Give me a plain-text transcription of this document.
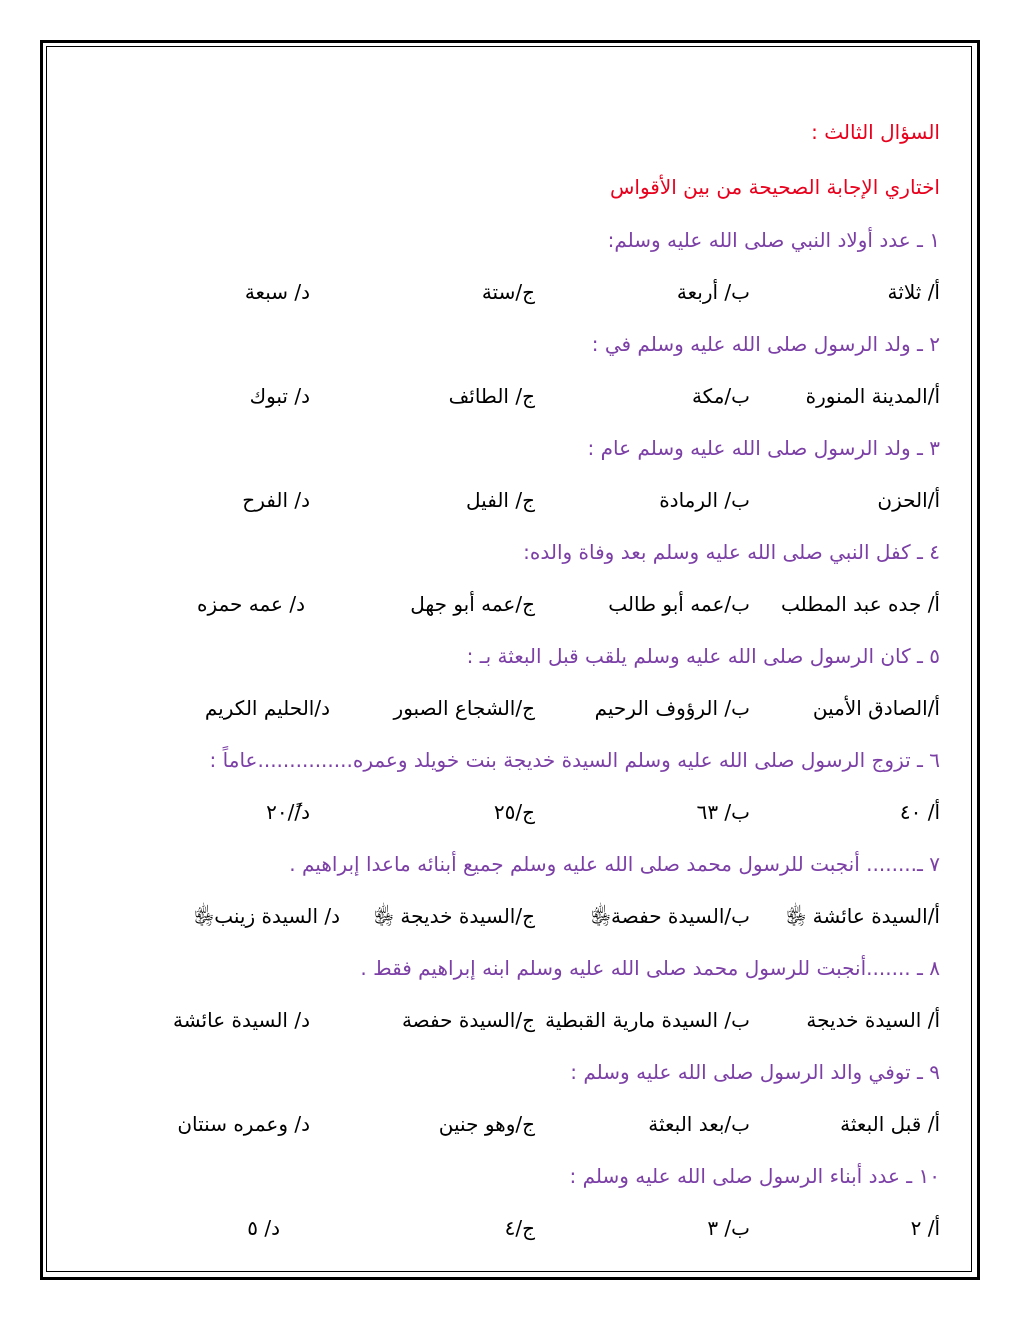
السؤال الثالث :
اختاري الإجابة الصحيحة من بين الأقواس
١ ـ عدد أولاد النبي صلى الله عليه وسلم:
أ/ ثلاثة
ب/ أربعة
ج/ستة
د/ سبعة
٢ ـ ولد الرسول صلى الله عليه وسلم في :
أ/المدينة المنورة
ب/مكة
ج/ الطائف
د/ تبوك
٣ ـ ولد الرسول صلى الله عليه وسلم عام :
أ/الحزن
ب/ الرمادة
ج/ الفيل
د/ الفرح
٤ ـ كفل النبي صلى الله عليه وسلم بعد وفاة والده:
أ/ جده عبد المطلب
ب/عمه أبو طالب
ج/عمه أبو جهل
د/ عمه حمزه
٥ ـ كان الرسول صلى الله عليه وسلم يلقب قبل البعثة بـ :
أ/الصادق الأمين
ب/ الرؤوف الرحيم
ج/الشجاع الصبور
د/الحليم الكريم
٦ ـ تزوج الرسول صلى الله عليه وسلم السيدة خديجة بنت خويلد وعمره...............عاماً :
أ/ ٤٠
ب/ ٦٣
ج/٢٥
د/ً/٢٠
٧ ـ........ أنجبت للرسول محمد صلى الله عليه وسلم جميع أبنائه ماعدا إبراهيم .
أ/السيدة عائشة ﵂
ب/السيدة حفصة﵂
ج/السيدة خديجة ﵂
د/ السيدة زينب﵂
٨ ـ .......أنجبت للرسول محمد صلى الله عليه وسلم ابنه إبراهيم فقط .
أ/ السيدة خديجة
ب/ السيدة مارية القبطية
ج/السيدة حفصة
د/ السيدة عائشة
٩ ـ توفي والد الرسول صلى الله عليه وسلم :
أ/ قبل البعثة
ب/بعد البعثة
ج/وهو جنين
د/ وعمره سنتان
١٠ ـ عدد أبناء الرسول صلى الله عليه وسلم :
أ/ ٢
ب/ ٣
ج/٤
د/ ٥
